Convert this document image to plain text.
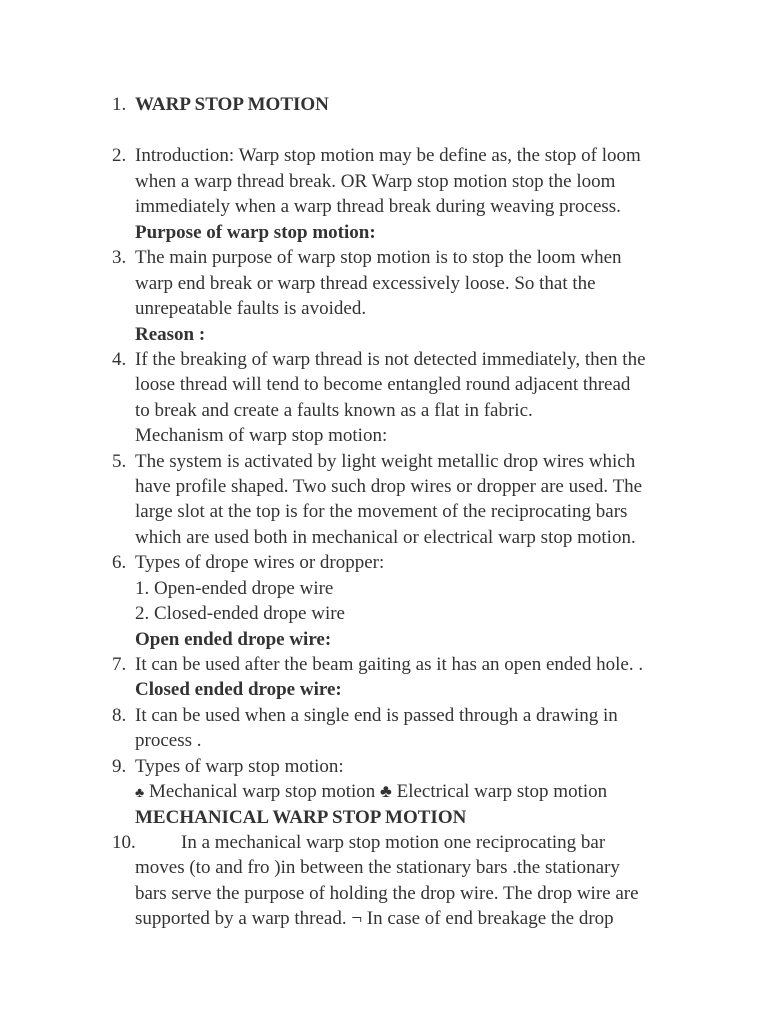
1. WARP STOP MOTION
2. Introduction: Warp stop motion may be define as, the stop of loom
when a warp thread break. OR Warp stop motion stop the loom
immediately when a warp thread break during weaving process.
Purpose of warp stop motion:
3. The main purpose of warp stop motion is to stop the loom when
warp end break or warp thread excessively loose. So that the
unrepeatable faults is avoided.
Reason :
4. If the breaking of warp thread is not detected immediately, then the
loose thread will tend to become entangled round adjacent thread
to break and create a faults known as a flat in fabric.
Mechanism of warp stop motion:
5. The system is activated by light weight metallic drop wires which
have profile shaped. Two such drop wires or dropper are used. The
large slot at the top is for the movement of the reciprocating bars
which are used both in mechanical or electrical warp stop motion.
6. Types of drope wires or dropper:
1. Open-ended drope wire
2. Closed-ended drope wire
Open ended drope wire:
7. It can be used after the beam gaiting as it has an open ended hole. .
Closed ended drope wire:
8. It can be used when a single end is passed through a drawing in
process .
9. Types of warp stop motion:
♣ Mechanical warp stop motion ♣ Electrical warp stop motion
MECHANICAL WARP STOP MOTION
10. In a mechanical warp stop motion one reciprocating bar
moves (to and fro )in between the stationary bars .the stationary
bars serve the purpose of holding the drop wire. The drop wire are
supported by a warp thread. ¬ In case of end breakage the drop
